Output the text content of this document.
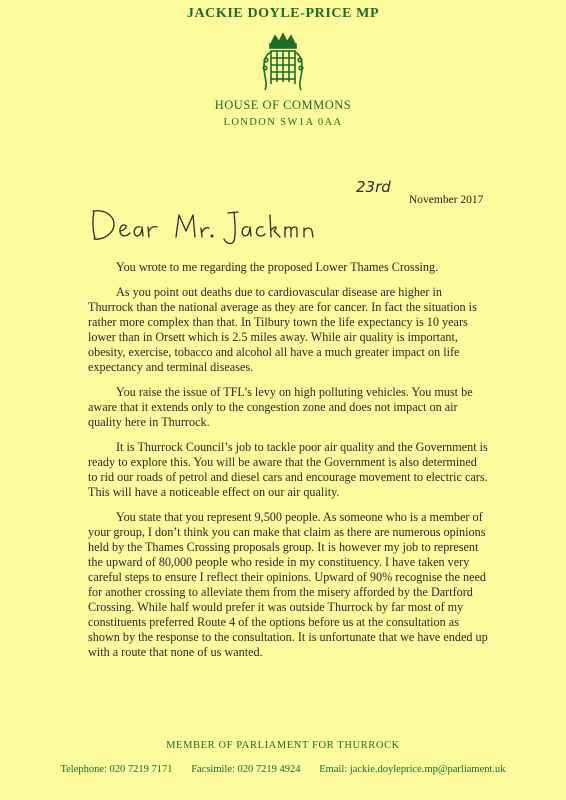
JACKIE DOYLE-PRICE MP
HOUSE OF COMMONS
LONDON SW1A 0AA
23rd
November 2017

You wrote to me regarding the proposed Lower Thames Crossing.

As you point out deaths due to cardiovascular disease are higher in Thurrock than the national average as they are for cancer. In fact the situation is rather more complex than that. In Tilbury town the life expectancy is 10 years lower than in Orsett which is 2.5 miles away. While air quality is important, obesity, exercise, tobacco and alcohol all have a much greater impact on life expectancy and terminal diseases.

You raise the issue of TFL’s levy on high polluting vehicles. You must be aware that it extends only to the congestion zone and does not impact on air quality here in Thurrock.

It is Thurrock Council’s job to tackle poor air quality and the Government is ready to explore this. You will be aware that the Government is also determined to rid our roads of petrol and diesel cars and encourage movement to electric cars. This will have a noticeable effect on our air quality.

You state that you represent 9,500 people. As someone who is a member of your group, I don’t think you can make that claim as there are numerous opinions held by the Thames Crossing proposals group. It is however my job to represent the upward of 80,000 people who reside in my constituency. I have taken very careful steps to ensure I reflect their opinions. Upward of 90% recognise the need for another crossing to alleviate them from the misery afforded by the Dartford Crossing. While half would prefer it was outside Thurrock by far most of my constituents preferred Route 4 of the options before us at the consultation as shown by the response to the consultation. It is unfortunate that we have ended up with a route that none of us wanted.

MEMBER OF PARLIAMENT FOR THURROCK
Telephone: 020 7219 7171 Facsimile: 020 7219 4924 Email: jackie.doyleprice.mp@parliament.uk
